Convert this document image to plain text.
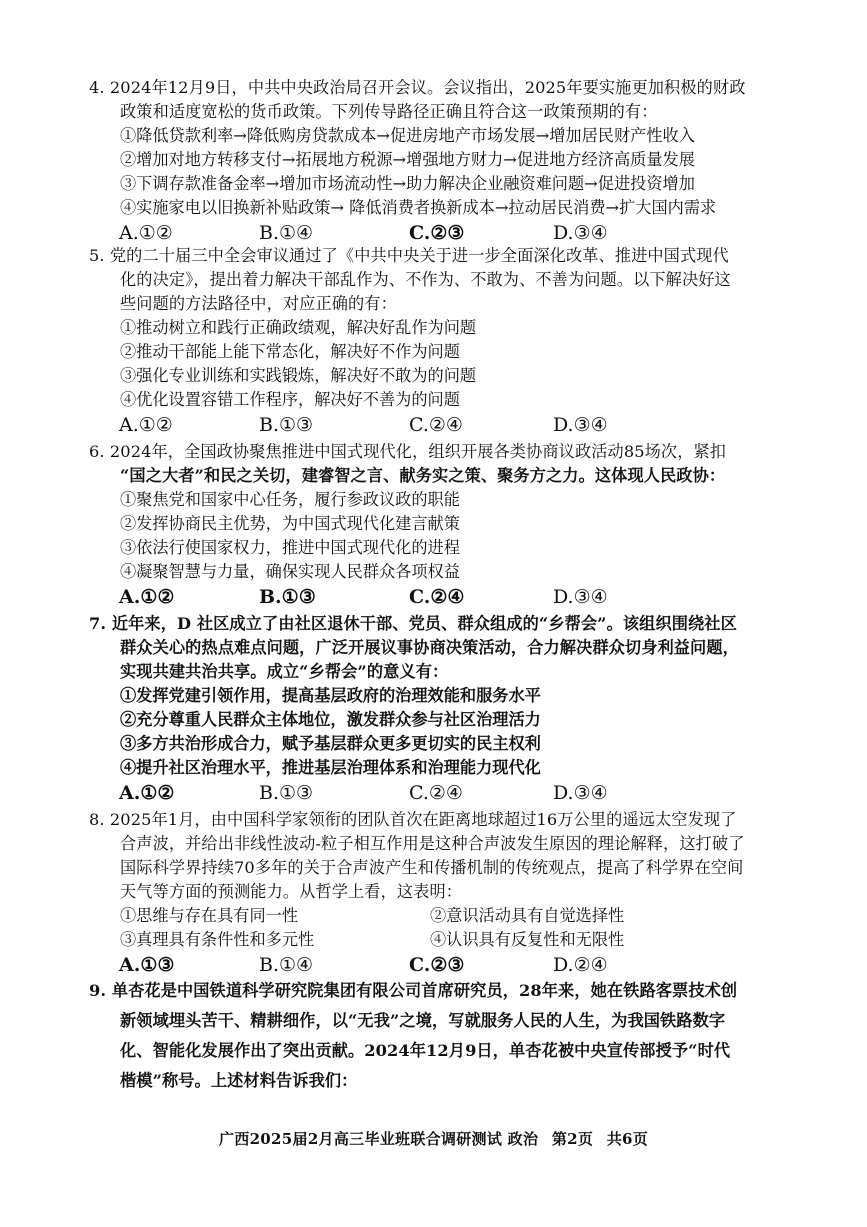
4. 2024年12月9日，中共中央政治局召开会议。会议指出，2025年要实施更加积极的财政
政策和适度宽松的货币政策。下列传导路径正确且符合这一政策预期的有：
①降低贷款利率→降低购房贷款成本→促进房地产市场发展→增加居民财产性收入
②增加对地方转移支付→拓展地方税源→增强地方财力→促进地方经济高质量发展
③下调存款准备金率→增加市场流动性→助力解决企业融资难问题→促进投资增加
④实施家电以旧换新补贴政策→ 降低消费者换新成本→拉动居民消费→扩大国内需求
A.①②	B.①④	C.②③	D.③④
5. 党的二十届三中全会审议通过了《中共中央关于进一步全面深化改革、推进中国式现代
化的决定》，提出着力解决干部乱作为、不作为、不敢为、不善为问题。以下解决好这
些问题的方法路径中，对应正确的有：
①推动树立和践行正确政绩观，解决好乱作为问题
②推动干部能上能下常态化，解决好不作为问题
③强化专业训练和实践锻炼，解决好不敢为的问题
④优化设置容错工作程序，解决好不善为的问题
A.①②	B.①③	C.②④	D.③④
6. 2024年，全国政协聚焦推进中国式现代化，组织开展各类协商议政活动85场次，紧扣
“国之大者”和民之关切，建睿智之言、献务实之策、聚务方之力。这体现人民政协：
①聚焦党和国家中心任务，履行参政议政的职能
②发挥协商民主优势，为中国式现代化建言献策
③依法行使国家权力，推进中国式现代化的进程
④凝聚智慧与力量，确保实现人民群众各项权益
A.①②	B.①③	C.②④	D.③④
7. 近年来，D 社区成立了由社区退休干部、党员、群众组成的“乡帮会”。该组织围绕社区
群众关心的热点难点问题，广泛开展议事协商决策活动，合力解决群众切身利益问题，
实现共建共治共享。成立“乡帮会”的意义有：
①发挥党建引领作用，提高基层政府的治理效能和服务水平
②充分尊重人民群众主体地位，激发群众参与社区治理活力
③多方共治形成合力，赋予基层群众更多更切实的民主权利
④提升社区治理水平，推进基层治理体系和治理能力现代化
A.①②	B.①③	C.②④	D.③④
8. 2025年1月，由中国科学家领衔的团队首次在距离地球超过16万公里的遥远太空发现了
合声波，并给出非线性波动-粒子相互作用是这种合声波发生原因的理论解释，这打破了
国际科学界持续70多年的关于合声波产生和传播机制的传统观点，提高了科学界在空间
天气等方面的预测能力。从哲学上看，这表明：
①思维与存在具有同一性	②意识活动具有自觉选择性
③真理具有条件性和多元性	④认识具有反复性和无限性
A.①③	B.①④	C.②③	D.②④
9. 单杏花是中国铁道科学研究院集团有限公司首席研究员，28年来，她在铁路客票技术创
新领域埋头苦干、精耕细作，以“无我”之境，写就服务人民的人生，为我国铁路数字
化、智能化发展作出了突出贡献。2024年12月9日，单杏花被中央宣传部授予“时代
楷模”称号。上述材料告诉我们：
广西2025届2月高三毕业班联合调研测试 政治 第2页 共6页
